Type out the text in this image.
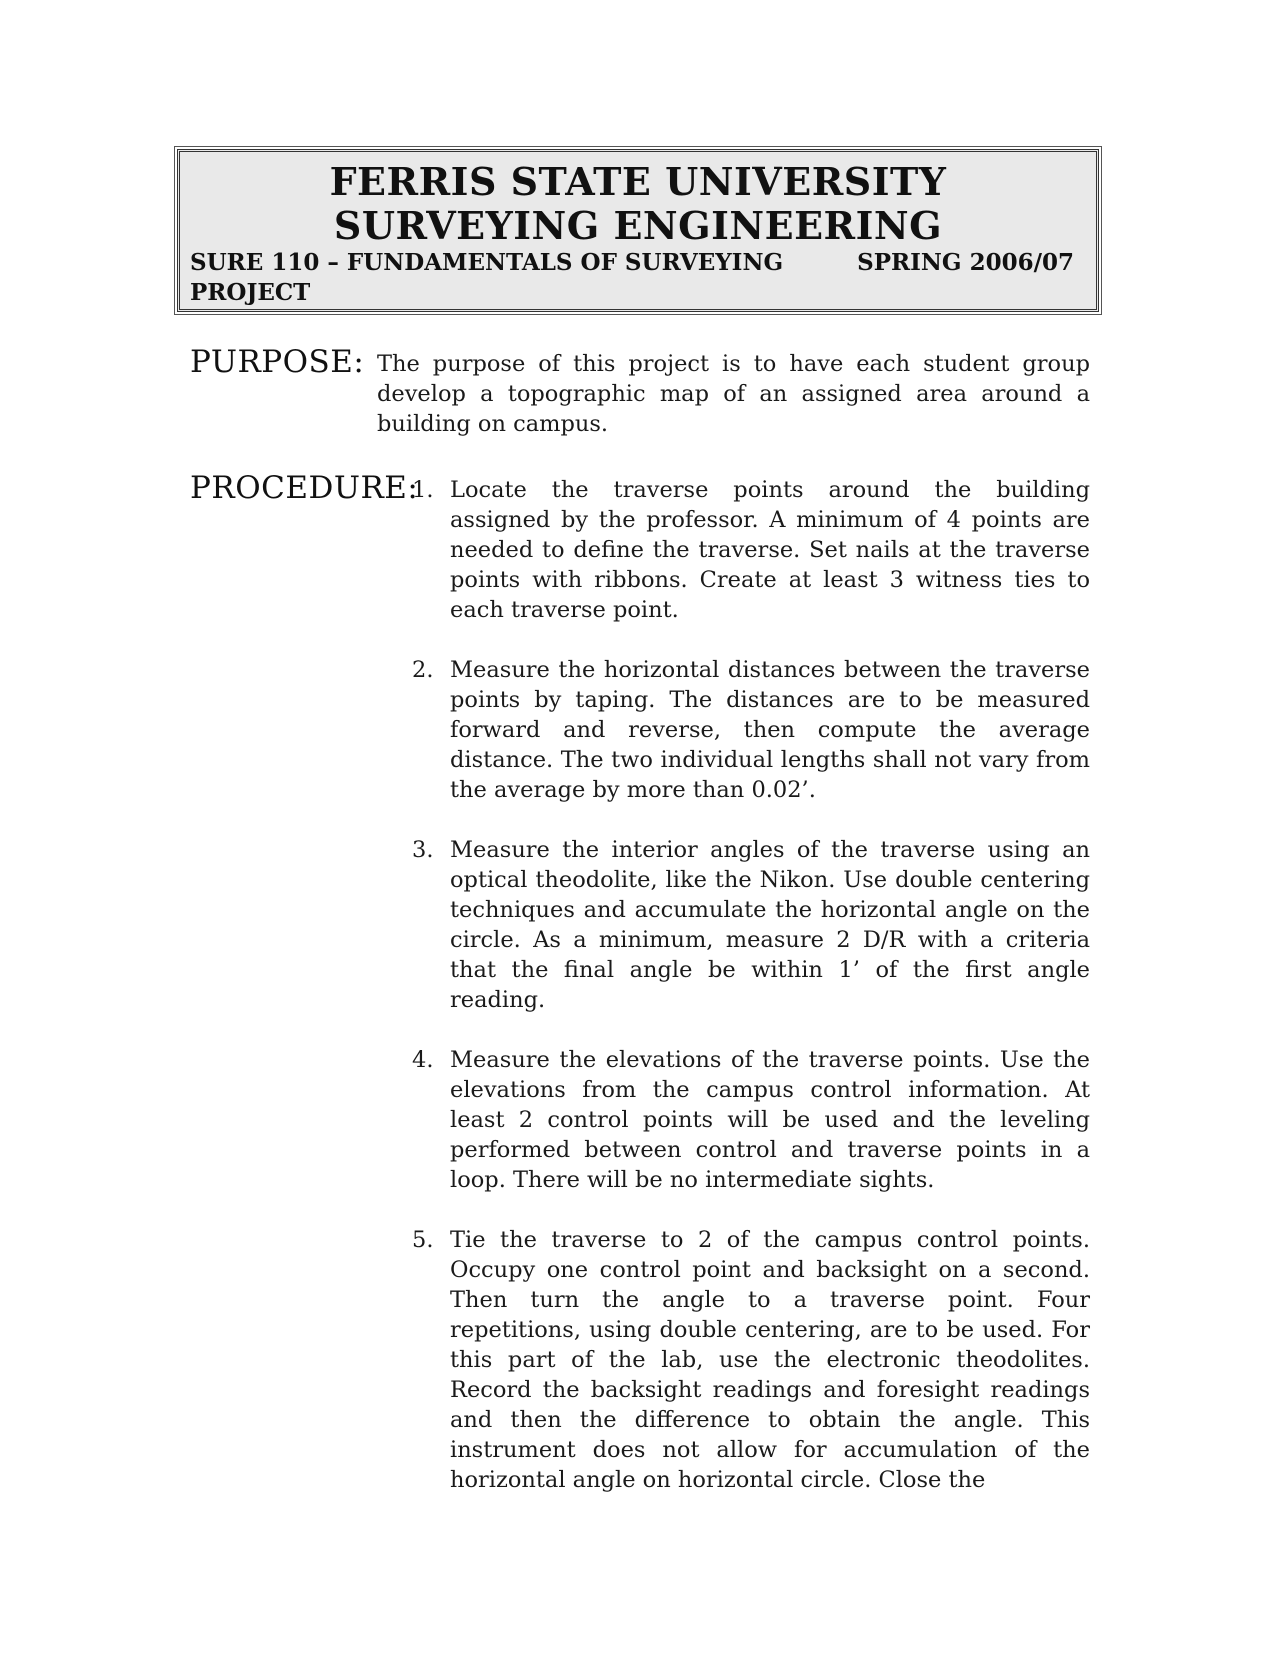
FERRIS STATE UNIVERSITY
SURVEYING ENGINEERING
SURE 110 – FUNDAMENTALS OF SURVEYING	SPRING 2006/07
PROJECT
PURPOSE: The purpose of this project is to have each student group develop a topographic map of an assigned area around a building on campus.
PROCEDURE:
1. Locate the traverse points around the building assigned by the professor. A minimum of 4 points are needed to define the traverse. Set nails at the traverse points with ribbons. Create at least 3 witness ties to each traverse point.
2. Measure the horizontal distances between the traverse points by taping. The distances are to be measured forward and reverse, then compute the average distance. The two individual lengths shall not vary from the average by more than 0.02’.
3. Measure the interior angles of the traverse using an optical theodolite, like the Nikon. Use double centering techniques and accumulate the horizontal angle on the circle. As a minimum, measure 2 D/R with a criteria that the final angle be within 1’ of the first angle reading.
4. Measure the elevations of the traverse points. Use the elevations from the campus control information. At least 2 control points will be used and the leveling performed between control and traverse points in a loop. There will be no intermediate sights.
5. Tie the traverse to 2 of the campus control points. Occupy one control point and backsight on a second. Then turn the angle to a traverse point. Four repetitions, using double centering, are to be used. For this part of the lab, use the electronic theodolites. Record the backsight readings and foresight readings and then the difference to obtain the angle. This instrument does not allow for accumulation of the horizontal angle on horizontal circle. Close the
